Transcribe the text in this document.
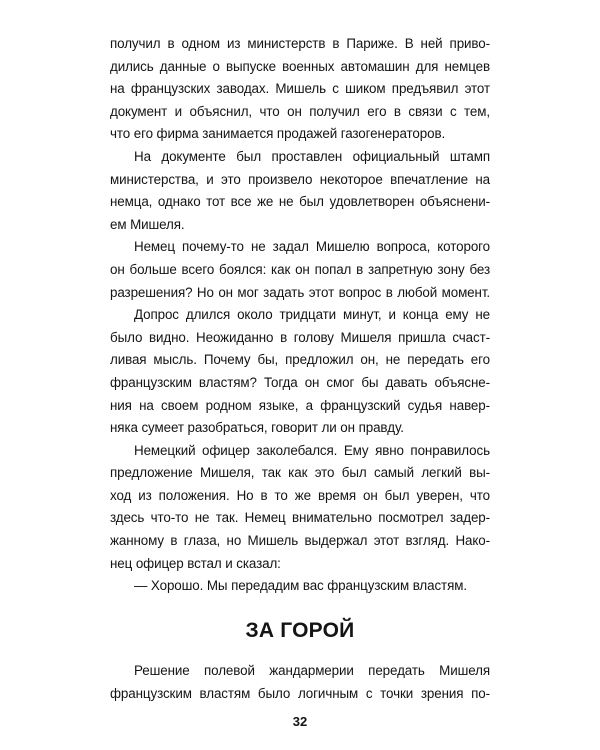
получил в одном из министерств в Париже. В ней приво-
дились данные о выпуске военных автомашин для немцев
на французских заводах. Мишель с шиком предъявил этот
документ и объяснил, что он получил его в связи с тем,
что его фирма занимается продажей газогенераторов.
На документе был проставлен официальный штамп
министерства, и это произвело некоторое впечатление на
немца, однако тот все же не был удовлетворен объяснени-
ем Мишеля.
Немец почему-то не задал Мишелю вопроса, которого
он больше всего боялся: как он попал в запретную зону без
разрешения? Но он мог задать этот вопрос в любой момент.
Допрос длился около тридцати минут, и конца ему не
было видно. Неожиданно в голову Мишеля пришла счаст-
ливая мысль. Почему бы, предложил он, не передать его
французским властям? Тогда он смог бы давать объясне-
ния на своем родном языке, а французский судья навер-
няка сумеет разобраться, говорит ли он правду.
Немецкий офицер заколебался. Ему явно понравилось
предложение Мишеля, так как это был самый легкий вы-
ход из положения. Но в то же время он был уверен, что
здесь что-то не так. Немец внимательно посмотрел задер-
жанному в глаза, но Мишель выдержал этот взгляд. Нако-
нец офицер встал и сказал:
— Хорошо. Мы передадим вас французским властям.
ЗА ГОРОЙ
Решение полевой жандармерии передать Мишеля
французским властям было логичным с точки зрения по-
32
